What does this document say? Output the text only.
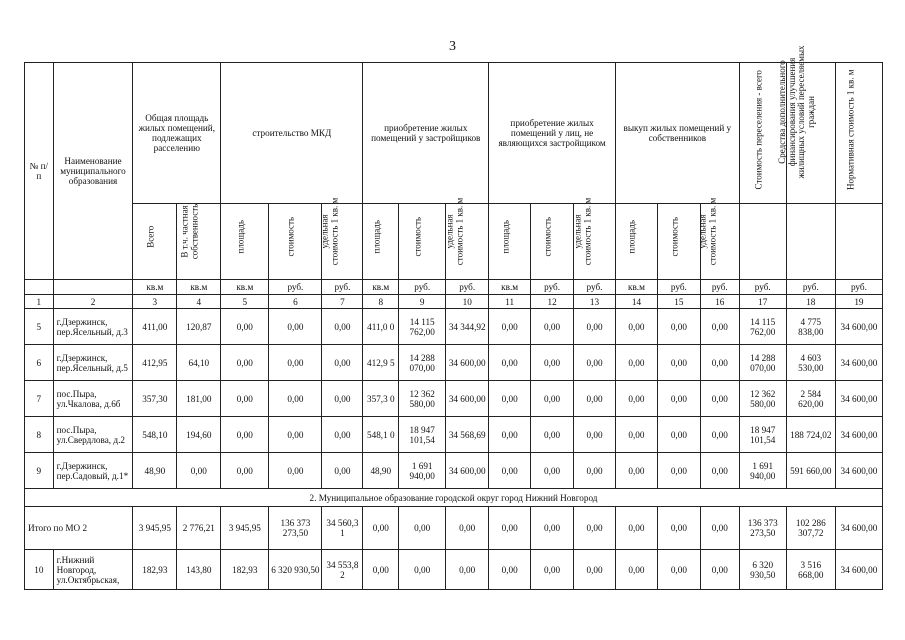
3
№ п/ п	Наименование муниципального образования	Общая площадь жилых помещений, подлежащих расселению		строительство МКД			приобретение жилых помещений у застройщиков			приобретение жилых помещений у лиц, не являющихся застройщиком			выкуп жилых помещений у собственников			Стоимость переселения - всего	Средства дополнительного финансирования улучшения жилищных условий переселяемых граждан	Нормативная стоимость 1 кв. м

		Всего	В т.ч. частная собственность	площадь	стоимость	удельная стоимость 1 кв. м	площадь	стоимость	удельная стоимость 1 кв. м	площадь	стоимость	удельная стоимость 1 кв. м	площадь	стоимость	удельная стоимость 1 кв. м			

		кв.м	кв.м	кв.м	руб.	руб.	кв.м	руб.	руб.	кв.м	руб.	руб.	кв.м	руб.	руб.	руб.	руб.	руб.
1	2	3	4	5	6	7	8	9	10	11	12	13	14	15	16	17	18	19
5	г.Дзержинск, пер.Ясельный, д.3	411,00	120,87	0,00	0,00	0,00	411,0 0	14 115 762,00	34 344,92	0,00	0,00	0,00	0,00	0,00	0,00	14 115 762,00	4 775 838,00	34 600,00
6	г.Дзержинск, пер.Ясельный, д.5	412,95	64,10	0,00	0,00	0,00	412,9 5	14 288 070,00	34 600,00	0,00	0,00	0,00	0,00	0,00	0,00	14 288 070,00	4 603 530,00	34 600,00
7	пос.Пыра, ул.Чкалова, д.6б	357,30	181,00	0,00	0,00	0,00	357,3 0	12 362 580,00	34 600,00	0,00	0,00	0,00	0,00	0,00	0,00	12 362 580,00	2 584 620,00	34 600,00
8	пос.Пыра, ул.Свердлова, д.2	548,10	194,60	0,00	0,00	0,00	548,1 0	18 947 101,54	34 568,69	0,00	0,00	0,00	0,00	0,00	0,00	18 947 101,54	188 724,02	34 600,00
9	г.Дзержинск, пер.Садовый, д.1*	48,90	0,00	0,00	0,00	0,00	48,90	1 691 940,00	34 600,00	0,00	0,00	0,00	0,00	0,00	0,00	1 691 940,00	591 660,00	34 600,00
2. Муниципальное образование городской округ город Нижний Новгород																		
Итого по МО 2		3 945,95	2 776,21	3 945,95	136 373 273,50	34 560,3 1	0,00	0,00	0,00	0,00	0,00	0,00	0,00	0,00	0,00	136 373 273,50	102 286 307,72	34 600,00
10	г.Нижний Новгород, ул.Октябрьская,	182,93	143,80	182,93	6 320 930,50	34 553,8 2	0,00	0,00	0,00	0,00	0,00	0,00	0,00	0,00	0,00	6 320 930,50	3 516 668,00	34 600,00
